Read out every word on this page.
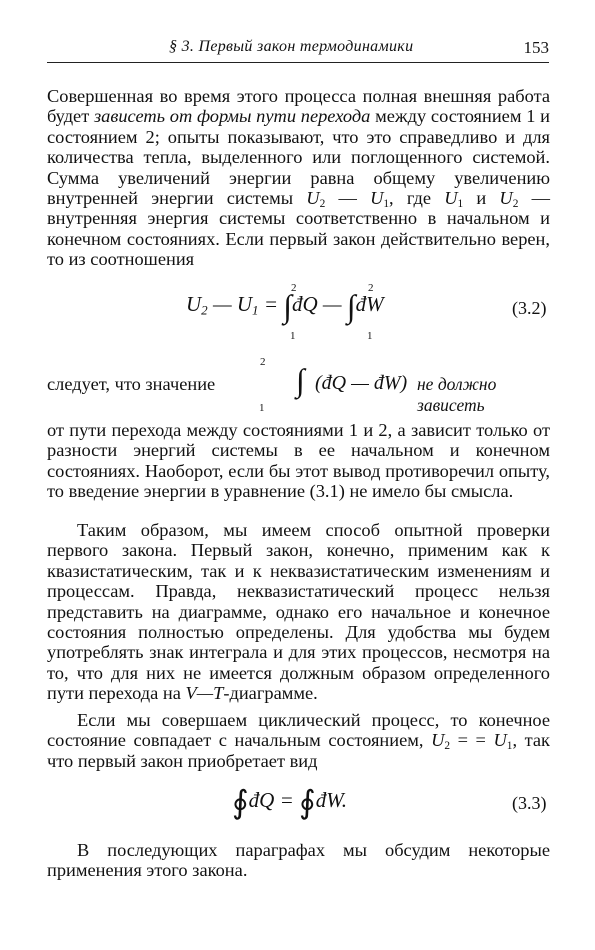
§ 3. Первый закон термодинамики	153

Совершенная во время этого процесса полная внешняя работа будет зависеть от формы пути перехода между состоянием 1 и состоянием 2; опыты показывают, что это справедливо и для количества тепла, выделенного или поглощенного системой. Сумма увеличений энергии равна общему увеличению внутренней энергии системы $U_2$ — $U_1$, где $U_1$ и $U_2$ — внутренняя энергия системы соответственно в начальном и конечном состояниях. Если первый закон действительно верен, то из соотношения

$U_2$ — $U_1$ = ∫đQ — ∫đW
2
1
2
1
(3.2)
следует, что значение	∫ (đQ — đW) не должно зависеть
2
1

от пути перехода между состояниями 1 и 2, а зависит только от разности энергий системы в ее начальном и конечном состояниях. Наоборот, если бы этот вывод противоречил опыту, то введение энергии в уравнение (3.1) не имело бы смысла.

Таким образом, мы имеем способ опытной проверки первого закона. Первый закон, конечно, применим как к квазистатическим, так и к неквазистатическим изменениям и процессам. Правда, неквазистатический процесс нельзя представить на диаграмме, однако его начальное и конечное состояния полностью определены. Для удобства мы будем употреблять знак интеграла и для этих процессов, несмотря на то, что для них не имеется должным образом определенного пути перехода на V—T-диаграмме.

Если мы совершаем циклический процесс, то конечное состояние совпадает с начальным состоянием, $U_2$ = = $U_1$, так что первый закон приобретает вид

∮đQ = ∮đW.	(3.3)

В последующих параграфах мы обсудим некоторые применения этого закона.
